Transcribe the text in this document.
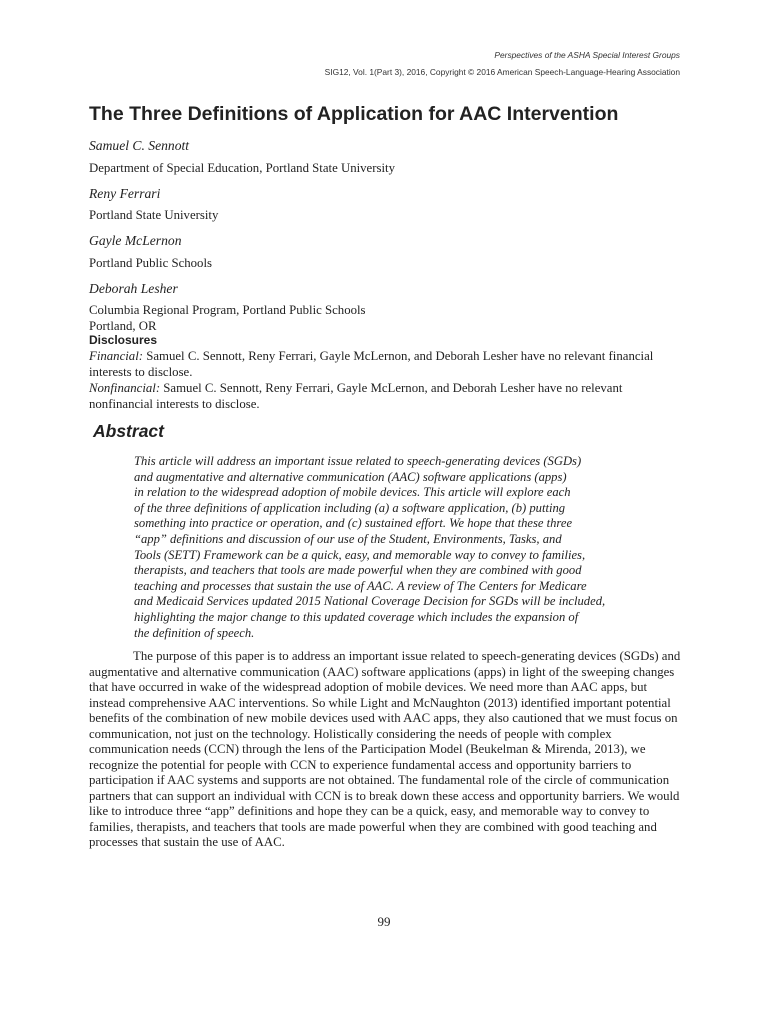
Perspectives of the ASHA Special Interest Groups
SIG12, Vol. 1(Part 3), 2016, Copyright © 2016 American Speech-Language-Hearing Association
The Three Definitions of Application for AAC Intervention
Samuel C. Sennott
Department of Special Education, Portland State University
Reny Ferrari
Portland State University
Gayle McLernon
Portland Public Schools
Deborah Lesher
Columbia Regional Program, Portland Public Schools
Portland, OR
Disclosures
Financial: Samuel C. Sennott, Reny Ferrari, Gayle McLernon, and Deborah Lesher have no relevant financial interests to disclose.
Nonfinancial: Samuel C. Sennott, Reny Ferrari, Gayle McLernon, and Deborah Lesher have no relevant nonfinancial interests to disclose.
Abstract
This article will address an important issue related to speech-generating devices (SGDs)
and augmentative and alternative communication (AAC) software applications (apps)
in relation to the widespread adoption of mobile devices. This article will explore each
of the three definitions of application including (a) a software application, (b) putting
something into practice or operation, and (c) sustained effort. We hope that these three
“app” definitions and discussion of our use of the Student, Environments, Tasks, and
Tools (SETT) Framework can be a quick, easy, and memorable way to convey to families,
therapists, and teachers that tools are made powerful when they are combined with good
teaching and processes that sustain the use of AAC. A review of The Centers for Medicare
and Medicaid Services updated 2015 National Coverage Decision for SGDs will be included,
highlighting the major change to this updated coverage which includes the expansion of
the definition of speech.

The purpose of this paper is to address an important issue related to speech-generating devices (SGDs) and augmentative and alternative communication (AAC) software applications (apps) in light of the sweeping changes that have occurred in wake of the widespread adoption of mobile devices. We need more than AAC apps, but instead comprehensive AAC interventions. So while Light and McNaughton (2013) identified important potential benefits of the combination of new mobile devices used with AAC apps, they also cautioned that we must focus on communication, not just on the technology. Holistically considering the needs of people with complex communication needs (CCN) through the lens of the Participation Model (Beukelman & Mirenda, 2013), we recognize the potential for people with CCN to experience fundamental access and opportunity barriers to participation if AAC systems and supports are not obtained. The fundamental role of the circle of communication partners that can support an individual with CCN is to break down these access and opportunity barriers. We would like to introduce three “app” definitions and hope they can be a quick, easy, and memorable way to convey to families, therapists, and teachers that tools are made powerful when they are combined with good teaching and processes that sustain the use of AAC.

99
